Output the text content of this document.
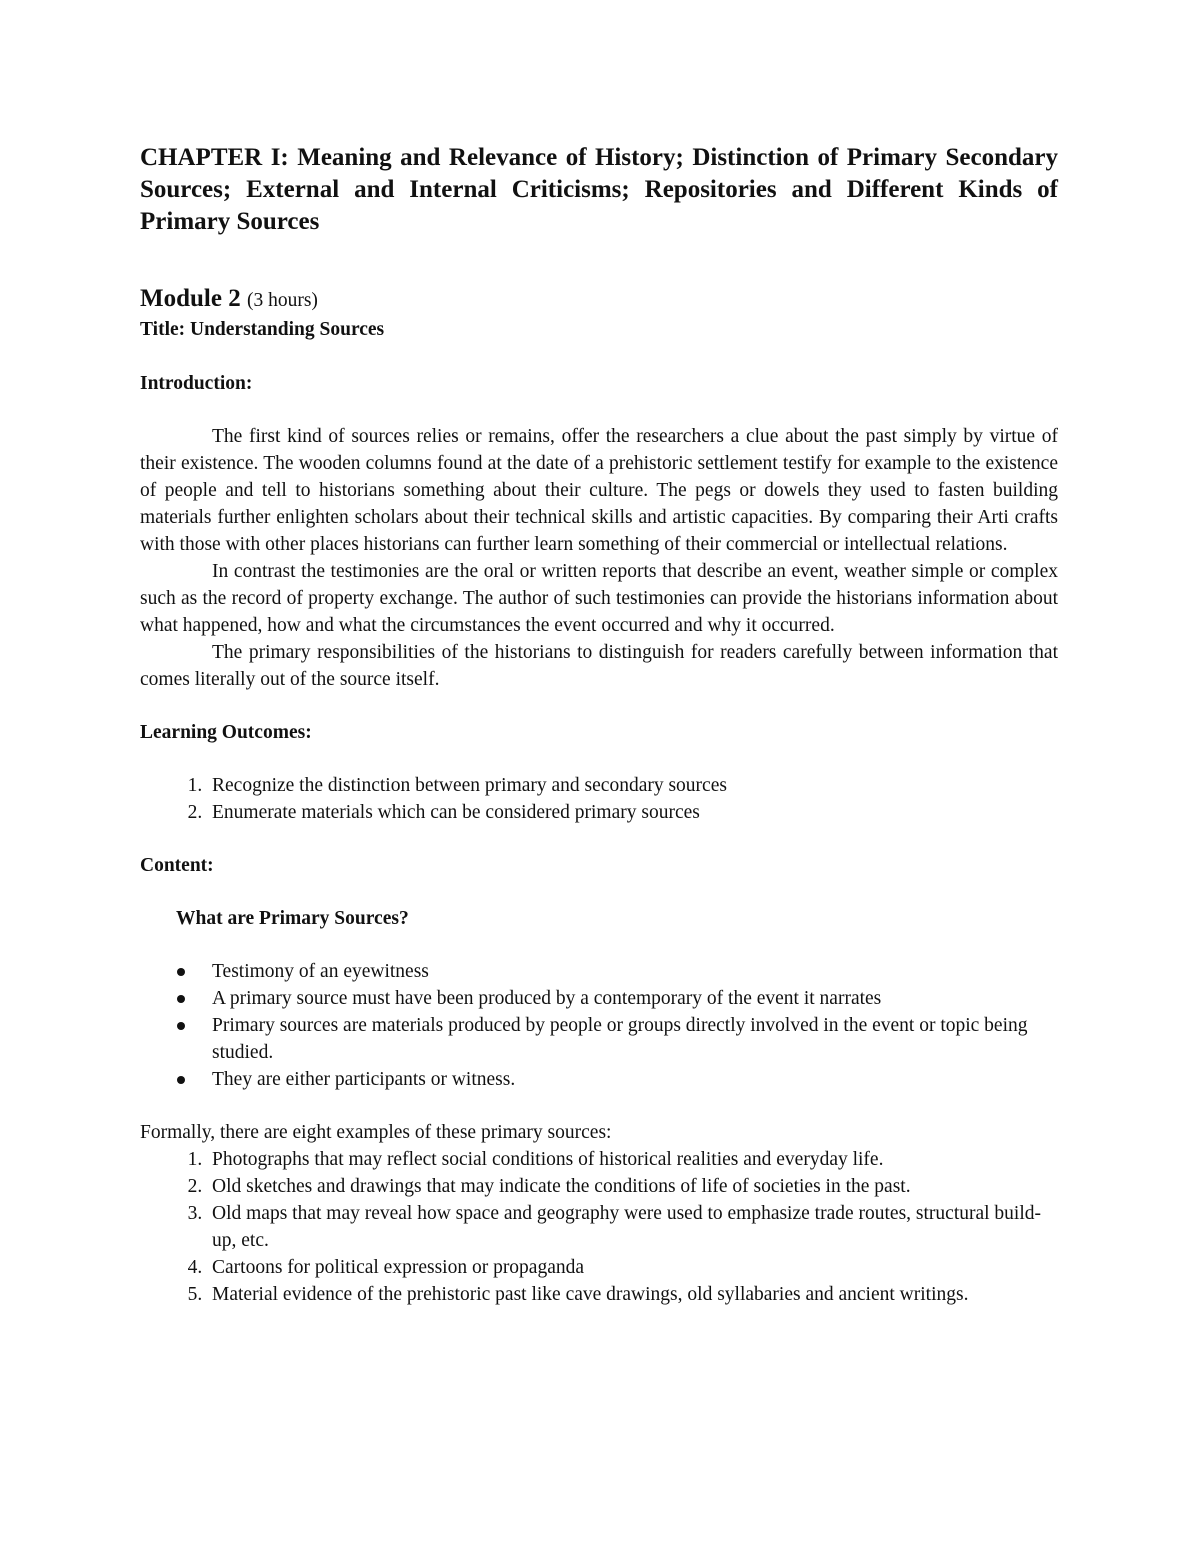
CHAPTER I: Meaning and Relevance of History; Distinction of Primary Secondary Sources; External and Internal Criticisms; Repositories and Different Kinds of Primary Sources
Module 2 (3 hours)
Title: Understanding Sources
Introduction:

The first kind of sources relies or remains, offer the researchers a clue about the past simply by virtue of their existence. The wooden columns found at the date of a prehistoric settlement testify for example to the existence of people and tell to historians something about their culture. The pegs or dowels they used to fasten building materials further enlighten scholars about their technical skills and artistic capacities. By comparing their Arti crafts with those with other places historians can further learn something of their commercial or intellectual relations.

In contrast the testimonies are the oral or written reports that describe an event, weather simple or complex such as the record of property exchange. The author of such testimonies can provide the historians information about what happened, how and what the circumstances the event occurred and why it occurred.

The primary responsibilities of the historians to distinguish for readers carefully between information that comes literally out of the source itself.

Learning Outcomes:
1. Recognize the distinction between primary and secondary sources
2. Enumerate materials which can be considered primary sources
Content:
What are Primary Sources?
Testimony of an eyewitness
A primary source must have been produced by a contemporary of the event it narrates
Primary sources are materials produced by people or groups directly involved in the event or topic being studied.
They are either participants or witness.
Formally, there are eight examples of these primary sources:
1. Photographs that may reflect social conditions of historical realities and everyday life.
2. Old sketches and drawings that may indicate the conditions of life of societies in the past.
3. Old maps that may reveal how space and geography were used to emphasize trade routes, structural build-up, etc.
4. Cartoons for political expression or propaganda
5. Material evidence of the prehistoric past like cave drawings, old syllabaries and ancient writings.
